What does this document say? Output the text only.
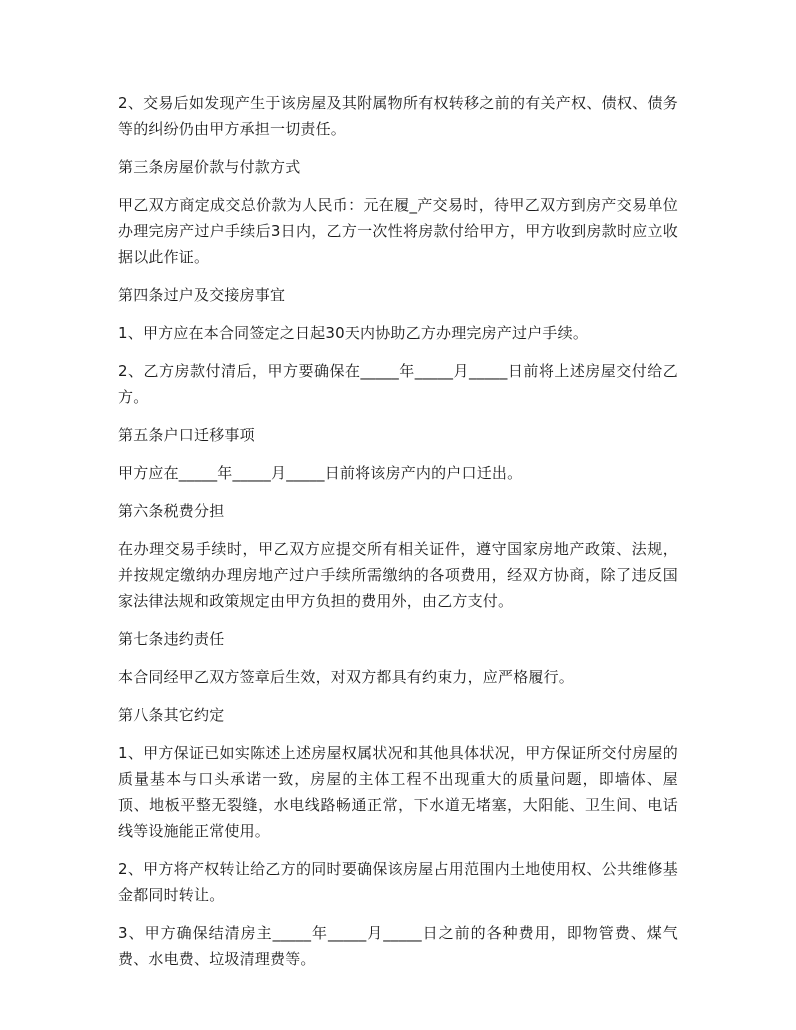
2、交易后如发现产生于该房屋及其附属物所有权转移之前的有关产权、债权、债务等的纠纷仍由甲方承担一切责任。

第三条房屋价款与付款方式

甲乙双方商定成交总价款为人民币：元在履_产交易时，待甲乙双方到房产交易单位办理完房产过户手续后3日内，乙方一次性将房款付给甲方，甲方收到房款时应立收据以此作证。

第四条过户及交接房事宜

1、甲方应在本合同签定之日起30天内协助乙方办理完房产过户手续。

2、乙方房款付清后，甲方要确保在_____年_____月_____日前将上述房屋交付给乙方。

第五条户口迁移事项

甲方应在_____年_____月_____日前将该房产内的户口迁出。

第六条税费分担

在办理交易手续时，甲乙双方应提交所有相关证件，遵守国家房地产政策、法规，并按规定缴纳办理房地产过户手续所需缴纳的各项费用，经双方协商，除了违反国家法律法规和政策规定由甲方负担的费用外，由乙方支付。

第七条违约责任

本合同经甲乙双方签章后生效，对双方都具有约束力，应严格履行。

第八条其它约定

1、甲方保证已如实陈述上述房屋权属状况和其他具体状况，甲方保证所交付房屋的质量基本与口头承诺一致，房屋的主体工程不出现重大的质量问题，即墙体、屋顶、地板平整无裂缝，水电线路畅通正常，下水道无堵塞，大阳能、卫生间、电话线等设施能正常使用。

2、甲方将产权转让给乙方的同时要确保该房屋占用范围内土地使用权、公共维修基金都同时转让。

3、甲方确保结清房主_____年_____月_____日之前的各种费用，即物管费、煤气费、水电费、垃圾清理费等。
